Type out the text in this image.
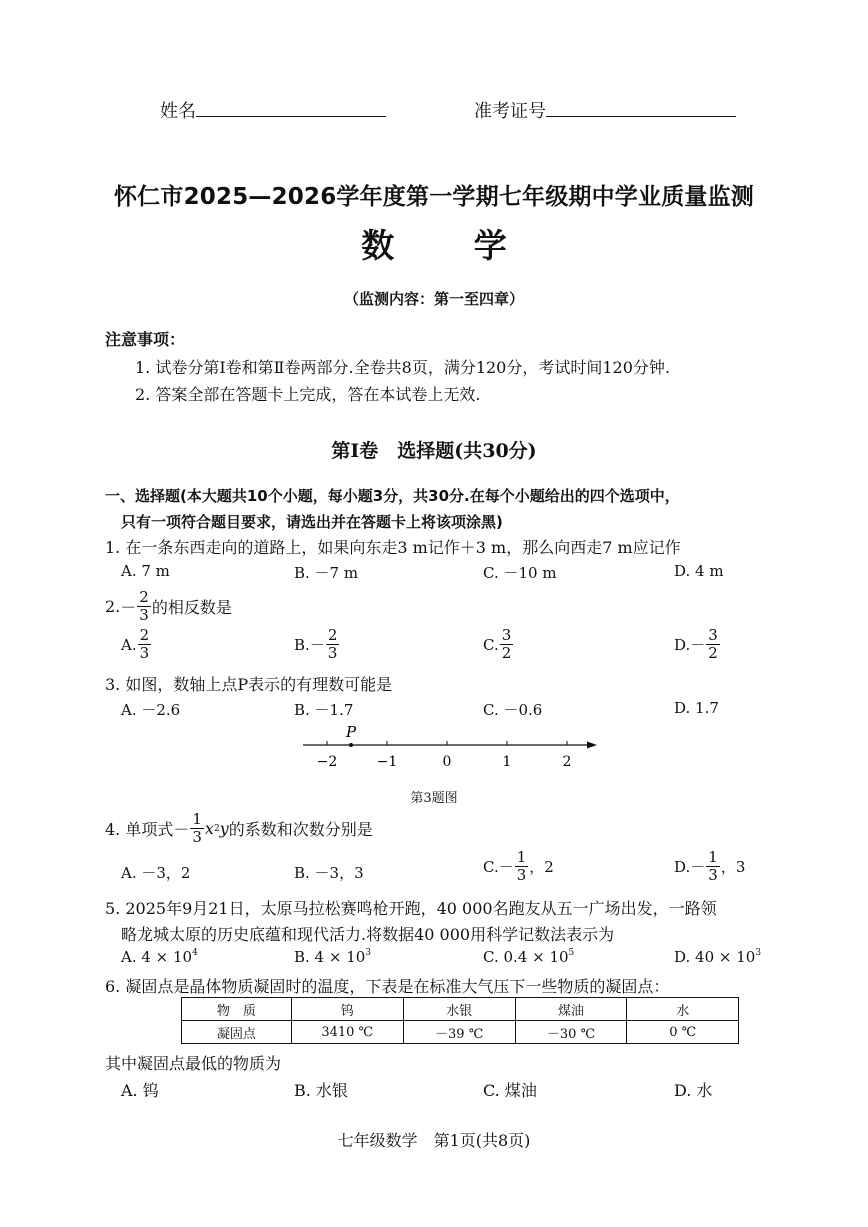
姓名	准考证号
怀仁市2025—2026学年度第一学期七年级期中学业质量监测
数 学
（监测内容：第一至四章）
注意事项：
1. 试卷分第Ⅰ卷和第Ⅱ卷两部分.全卷共8页，满分120分，考试时间120分钟.
2. 答案全部在答题卡上完成，答在本试卷上无效.
第Ⅰ卷　选择题(共30分)
一、选择题(本大题共10个小题，每小题3分，共30分.在每个小题给出的四个选项中，
只有一项符合题目要求，请选出并在答题卡上将该项涂黑)
1. 在一条东西走向的道路上，如果向东走3 m记作＋3 m，那么向西走7 m应记作
A. 7 m	B. －7 m	C. －10 m	D. 4 m
2. － $\frac{2}{3}$ 的相反数是
A. $\frac{2}{3}$	B. － $\frac{2}{3}$	C. $\frac{3}{2}$	D. － $\frac{3}{2}$
3. 如图，数轴上点P表示的有理数可能是
A. －2.6	B. －1.7	C. －0.6	D. 1.7
−2	−1	0	1	2
P
第3题图
4. 单项式 － $\frac{1}{3}$ x 2 y 的系数和次数分别是
A. －3，2	B. －3，3	C. － $\frac{1}{3}$ ，2	D. － $\frac{1}{3}$ ，3
5. 2025年9月21日，太原马拉松赛鸣枪开跑，40 000名跑友从五一广场出发，一路领
略龙城太原的历史底蕴和现代活力.将数据40 000用科学记数法表示为
A. $4 \times 10^4$	B. $4 \times 10^3$	C. $0.4 \times 10^5$	D. $40 \times 10^3$
6. 凝固点是晶体物质凝固时的温度，下表是在标准大气压下一些物质的凝固点：
物　质	钨	水银	煤油	水
凝固点	3410 ℃	－39 ℃	－30 ℃	0 ℃
其中凝固点最低的物质为
A. 钨	B. 水银	C. 煤油	D. 水
七年级数学　第1页(共8页)
